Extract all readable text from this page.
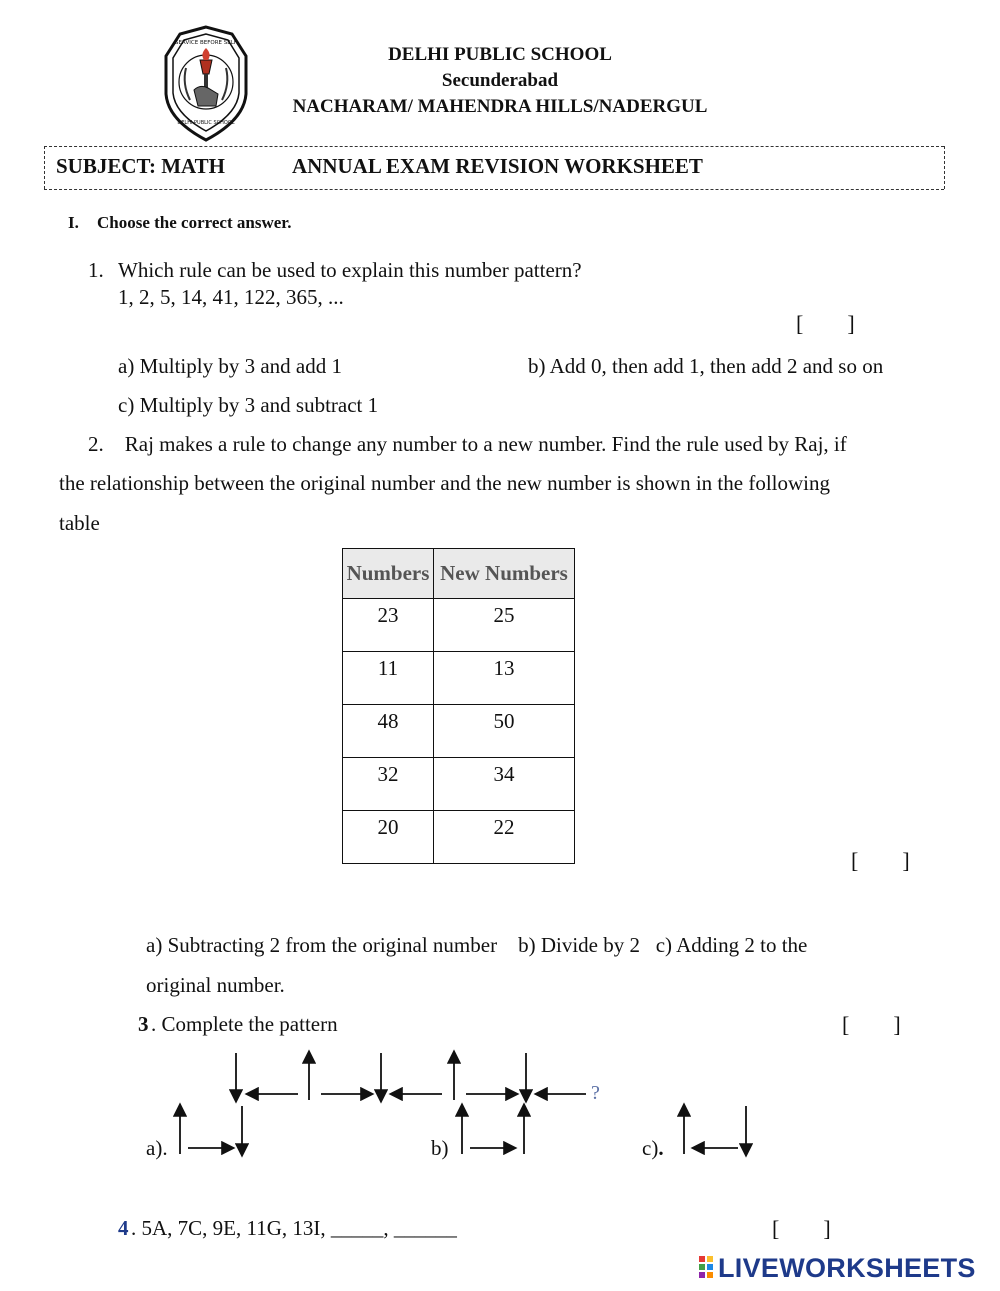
SERVICE BEFORE SELF
DELHI PUBLIC SCHOOL
DELHI PUBLIC SCHOOL
Secunderabad
NACHARAM/ MAHENDRA HILLS/NADERGUL
SUBJECT: MATH	ANNUAL EXAM REVISION WORKSHEET
I. Choose the correct answer.
1. Which rule can be used to explain this number pattern?
1, 2, 5, 14, 41, 122, 365, ...
[        ]
a) Multiply by 3 and add 1	b) Add 0, then add 1, then add 2 and so on
c) Multiply by 3 and subtract 1
2.    Raj makes a rule to change any number to a new number. Find the rule used by Raj, if
the relationship between the original number and the new number is shown in the following
table
Numbers	New Numbers
23	25
11	13
48	50
32	34
20	22
[        ]
a) Subtracting 2 from the original number    b) Divide by 2   c) Adding 2 to the
original number.
3 . Complete the pattern	[        ]
?
a).	b)	c).
4 . 5A, 7C, 9E, 11G, 13I, _____, ______	[        ]
LIVEWORKSHEETS
